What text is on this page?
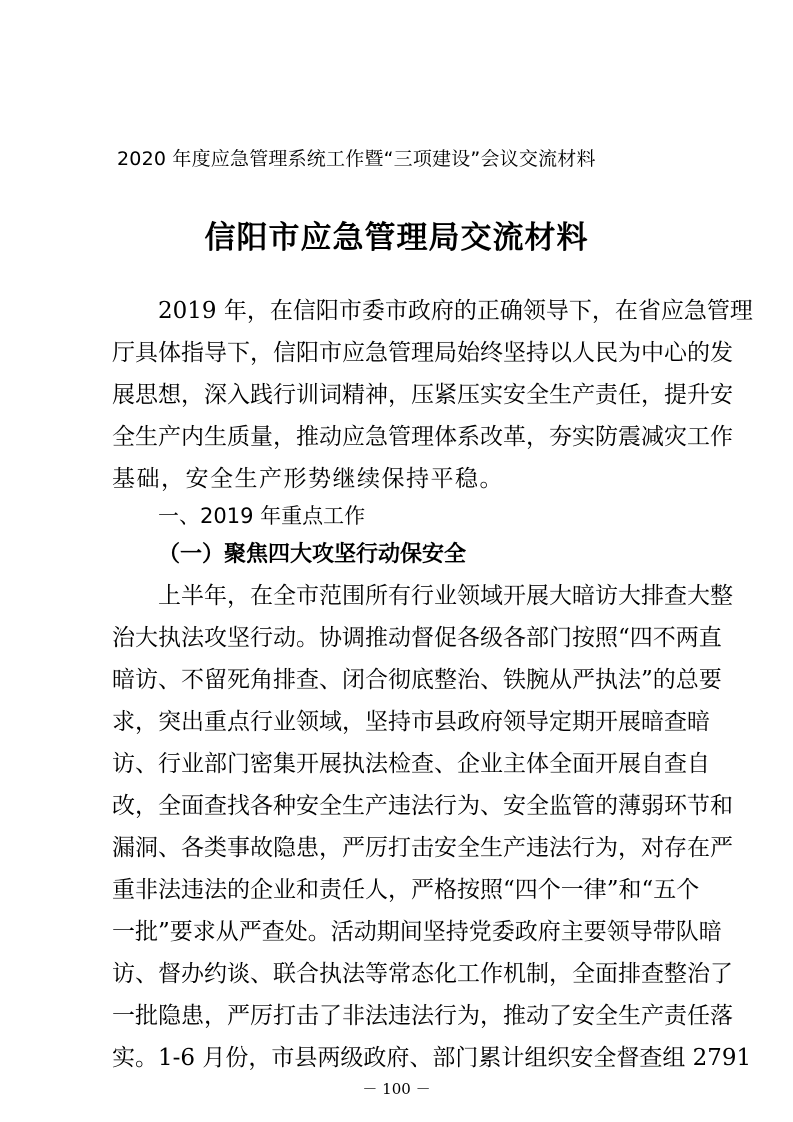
2020 年度应急管理系统工作暨“三项建设”会议交流材料
信阳市应急管理局交流材料
2019 年，在信阳市委市政府的正确领导下，在省应急管理
厅具体指导下，信阳市应急管理局始终坚持以人民为中心的发
展思想，深入践行训词精神，压紧压实安全生产责任，提升安
全生产内生质量，推动应急管理体系改革，夯实防震减灾工作
基础，安全生产形势继续保持平稳。
一、2019 年重点工作
（一）聚焦四大攻坚行动保安全
上半年，在全市范围所有行业领域开展大暗访大排查大整
治大执法攻坚行动。协调推动督促各级各部门按照“四不两直
暗访、不留死角排查、闭合彻底整治、铁腕从严执法”的总要
求，突出重点行业领域，坚持市县政府领导定期开展暗查暗
访、行业部门密集开展执法检查、企业主体全面开展自查自
改，全面查找各种安全生产违法行为、安全监管的薄弱环节和
漏洞、各类事故隐患，严厉打击安全生产违法行为，对存在严
重非法违法的企业和责任人，严格按照“四个一律”和“五个
一批”要求从严查处。活动期间坚持党委政府主要领导带队暗
访、督办约谈、联合执法等常态化工作机制，全面排查整治了
一批隐患，严厉打击了非法违法行为，推动了安全生产责任落
实。1-6 月份，市县两级政府、部门累计组织安全督查组 2791
－ 100 －
